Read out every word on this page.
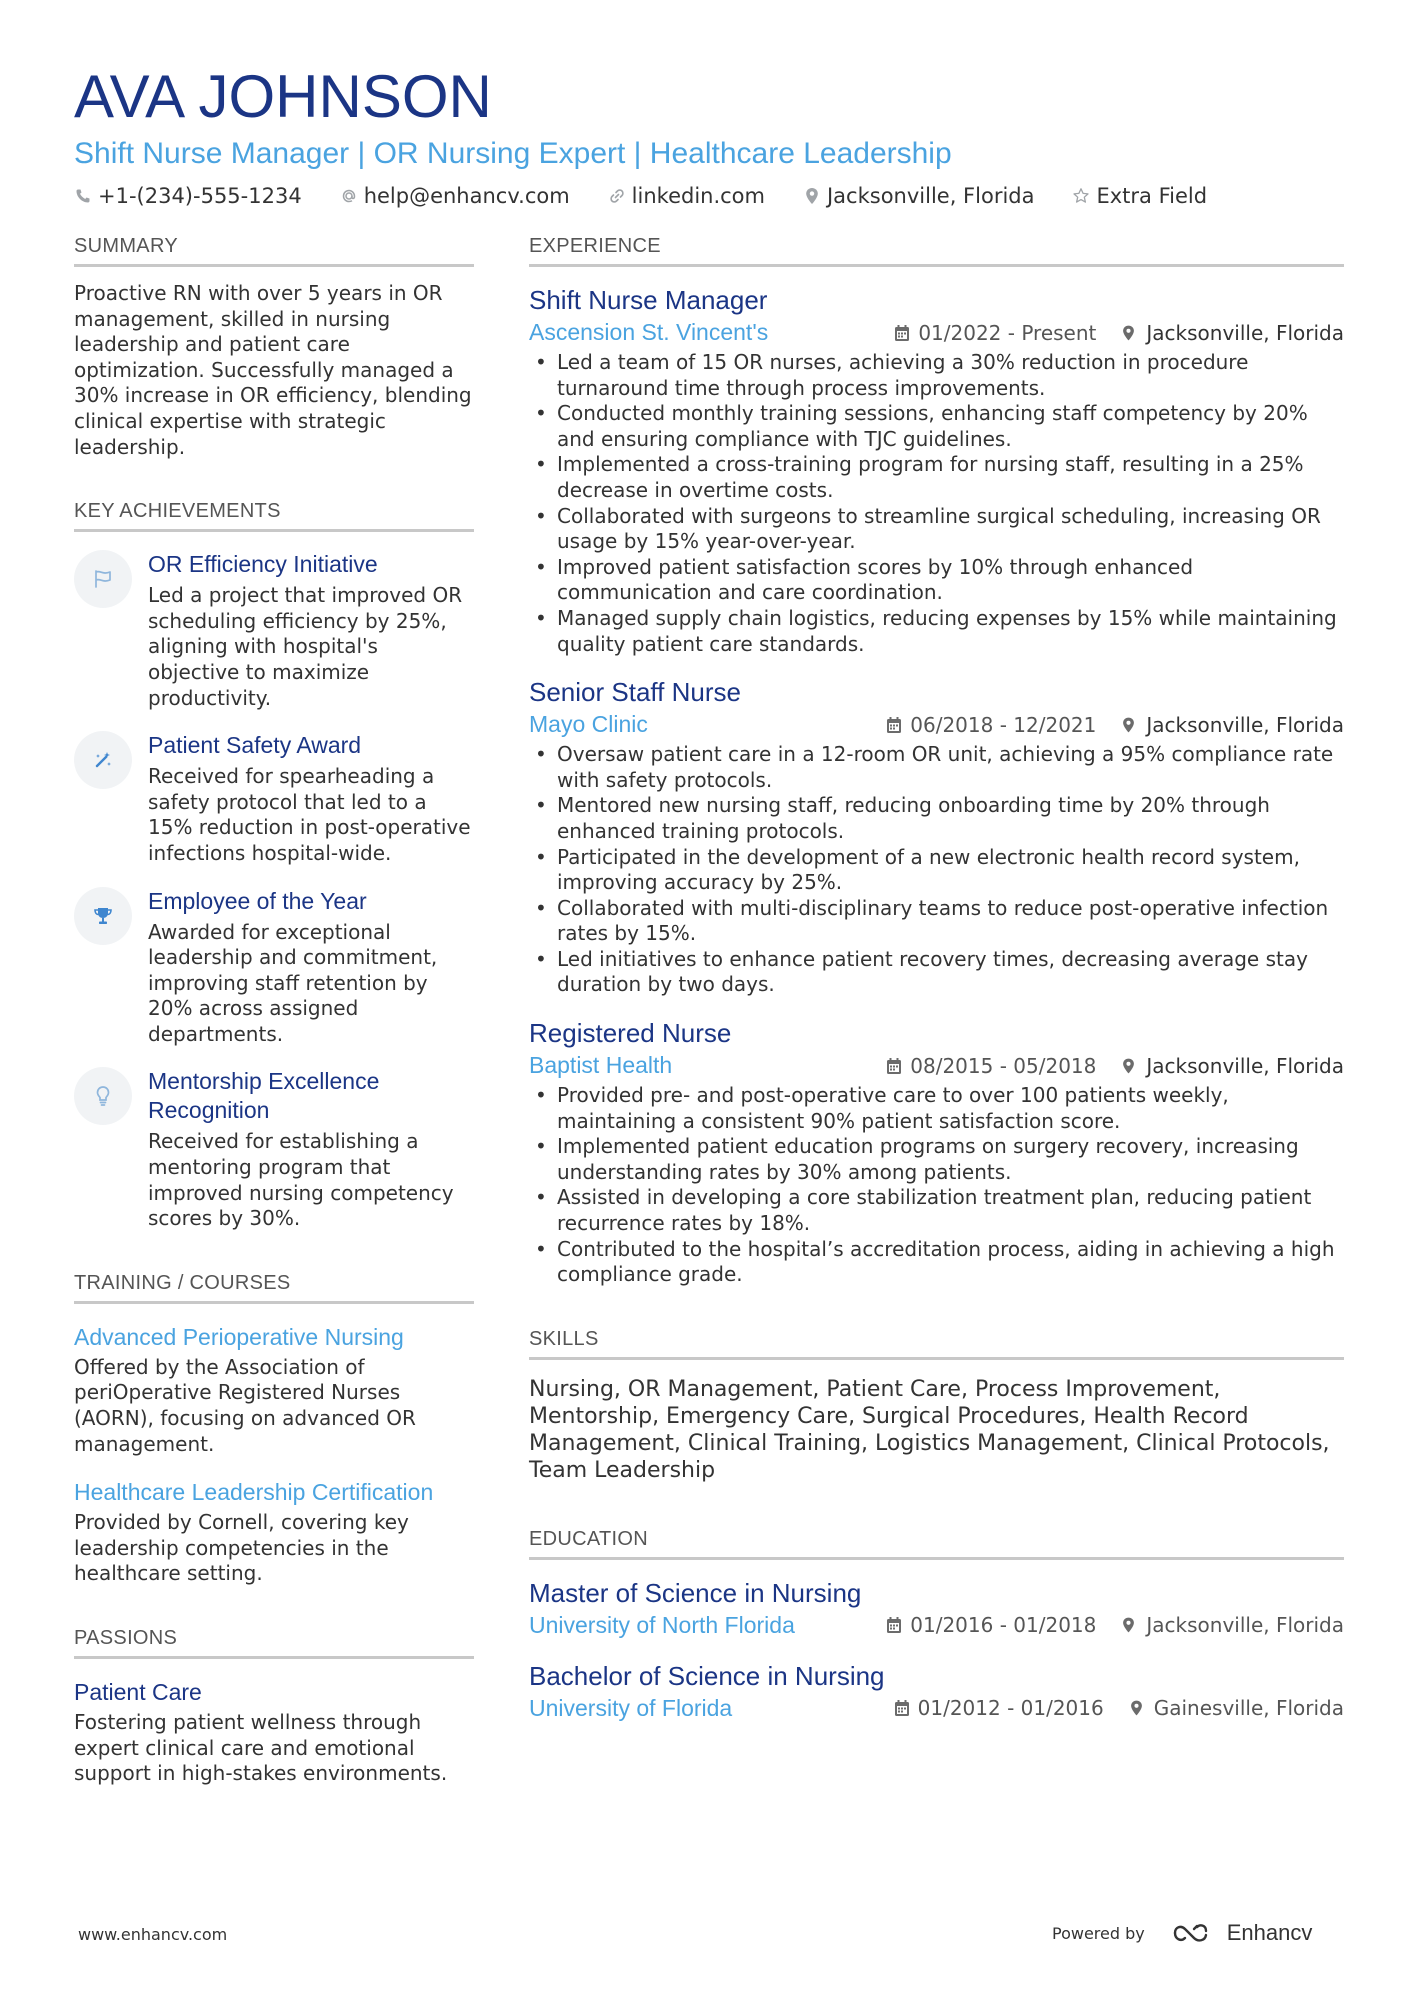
AVA JOHNSON
Shift Nurse Manager | OR Nursing Expert | Healthcare Leadership
+1-(234)-555-1234	help@enhancv.com	linkedin.com	Jacksonville, Florida	Extra Field
SUMMARY
Proactive RN with over 5 years in OR management, skilled in nursing leadership and patient care optimization. Successfully managed a 30% increase in OR efficiency, blending clinical expertise with strategic leadership.
KEY ACHIEVEMENTS
OR Efficiency Initiative
Led a project that improved OR scheduling efficiency by 25%, aligning with hospital's objective to maximize productivity.
Patient Safety Award
Received for spearheading a safety protocol that led to a 15% reduction in post-operative infections hospital-wide.
Employee of the Year
Awarded for exceptional leadership and commitment, improving staff retention by 20% across assigned departments.
Mentorship Excellence Recognition
Received for establishing a mentoring program that improved nursing competency scores by 30%.
TRAINING / COURSES
Advanced Perioperative Nursing
Offered by the Association of periOperative Registered Nurses (AORN), focusing on advanced OR management.
Healthcare Leadership Certification
Provided by Cornell, covering key leadership competencies in the healthcare setting.
PASSIONS
Patient Care
Fostering patient wellness through expert clinical care and emotional support in high-stakes environments.
EXPERIENCE
Shift Nurse Manager
Ascension St. Vincent's	01/2022 - Present	Jacksonville, Florida
• Led a team of 15 OR nurses, achieving a 30% reduction in procedure turnaround time through process improvements.
• Conducted monthly training sessions, enhancing staff competency by 20% and ensuring compliance with TJC guidelines.
• Implemented a cross-training program for nursing staff, resulting in a 25% decrease in overtime costs.
• Collaborated with surgeons to streamline surgical scheduling, increasing OR usage by 15% year-over-year.
• Improved patient satisfaction scores by 10% through enhanced communication and care coordination.
• Managed supply chain logistics, reducing expenses by 15% while maintaining quality patient care standards.
Senior Staff Nurse
Mayo Clinic	06/2018 - 12/2021	Jacksonville, Florida
• Oversaw patient care in a 12-room OR unit, achieving a 95% compliance rate with safety protocols.
• Mentored new nursing staff, reducing onboarding time by 20% through enhanced training protocols.
• Participated in the development of a new electronic health record system, improving accuracy by 25%.
• Collaborated with multi-disciplinary teams to reduce post-operative infection rates by 15%.
• Led initiatives to enhance patient recovery times, decreasing average stay duration by two days.
Registered Nurse
Baptist Health	08/2015 - 05/2018	Jacksonville, Florida
• Provided pre- and post-operative care to over 100 patients weekly, maintaining a consistent 90% patient satisfaction score.
• Implemented patient education programs on surgery recovery, increasing understanding rates by 30% among patients.
• Assisted in developing a core stabilization treatment plan, reducing patient recurrence rates by 18%.
• Contributed to the hospital’s accreditation process, aiding in achieving a high compliance grade.
SKILLS
Nursing, OR Management, Patient Care, Process Improvement, Mentorship, Emergency Care, Surgical Procedures, Health Record Management, Clinical Training, Logistics Management, Clinical Protocols, Team Leadership
EDUCATION
Master of Science in Nursing
University of North Florida	01/2016 - 01/2018	Jacksonville, Florida
Bachelor of Science in Nursing
University of Florida	01/2012 - 01/2016	Gainesville, Florida
www.enhancv.com	Powered by	Enhancv
